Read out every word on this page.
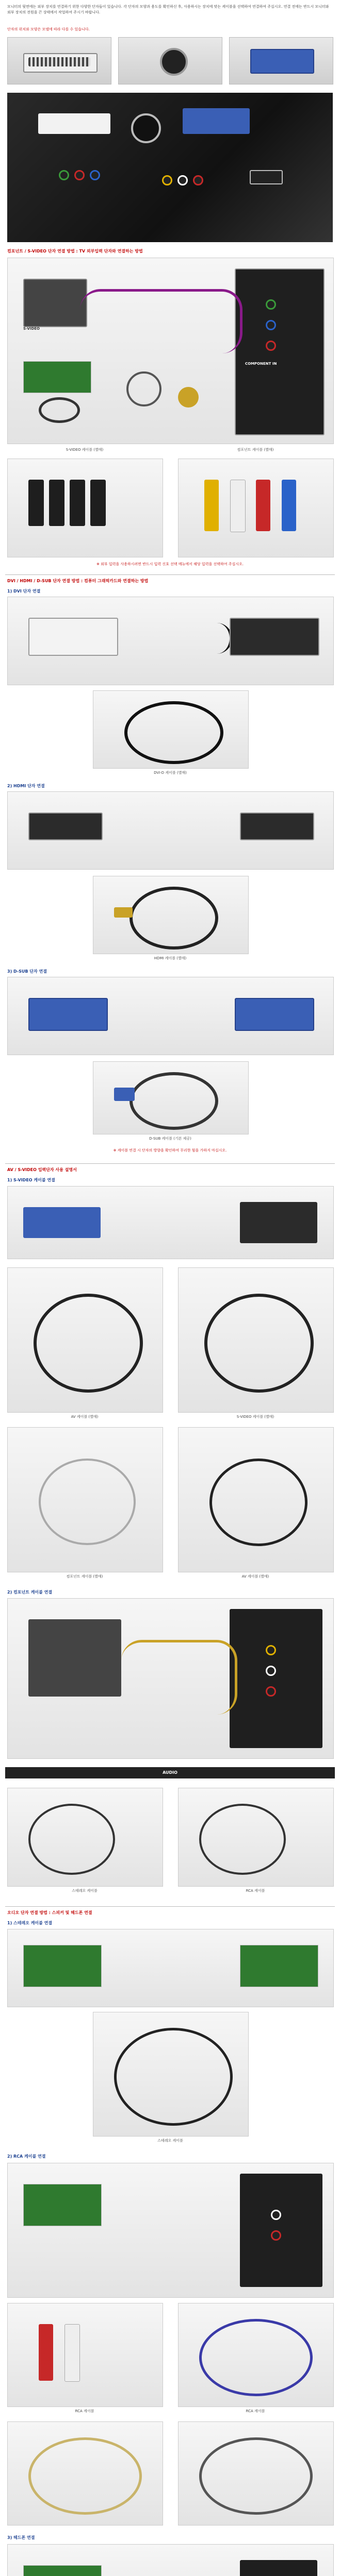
모니터의 뒷면에는 외부 장치를 연결하기 위한 다양한 단자들이 있습니다. 각 단자의 모양과 용도를 확인하신 후, 사용하시는 장치에 맞는 케이블을 선택하여 연결하여 주십시오. 연결 전에는 반드시 모니터와 외부 장치의 전원을 끈 상태에서 작업하여 주시기 바랍니다.
단자의 위치와 모양은 모델에 따라 다를 수 있습니다.
컴포넌트 / S-VIDEO 단자 연결 방법 : TV 외부입력 단자와 연결하는 방법
S-VIDEO
COMPONENT IN
S-VIDEO 케이블 (별매)	컴포넌트 케이블 (별매)
※ 외부 입력을 사용하시려면 반드시 입력 신호 선택 메뉴에서 해당 입력을 선택하여 주십시오.
DVI / HDMI / D-SUB 단자 연결 방법 : 컴퓨터 그래픽카드와 연결하는 방법
1) DVI 단자 연결
DVI-D 케이블 (별매)
2) HDMI 단자 연결
HDMI 케이블 (별매)
3) D-SUB 단자 연결
D-SUB 케이블 (기본 제공)
※ 케이블 연결 시 단자의 방향을 확인하여 무리한 힘을 가하지 마십시오.
AV / S-VIDEO 입력단자 사용 설명서
1) S-VIDEO 케이블 연결
AV 케이블 (별매)	S-VIDEO 케이블 (별매)
컴포넌트 케이블 (별매)	AV 케이블 (별매)
2) 컴포넌트 케이블 연결
AUDIO
스테레오 케이블	RCA 케이블
오디오 단자 연결 방법 : 스피커 및 헤드폰 연결
1) 스테레오 케이블 연결
스테레오 케이블
2) RCA 케이블 연결
RCA 케이블	RCA 케이블
3) 헤드폰 연결
